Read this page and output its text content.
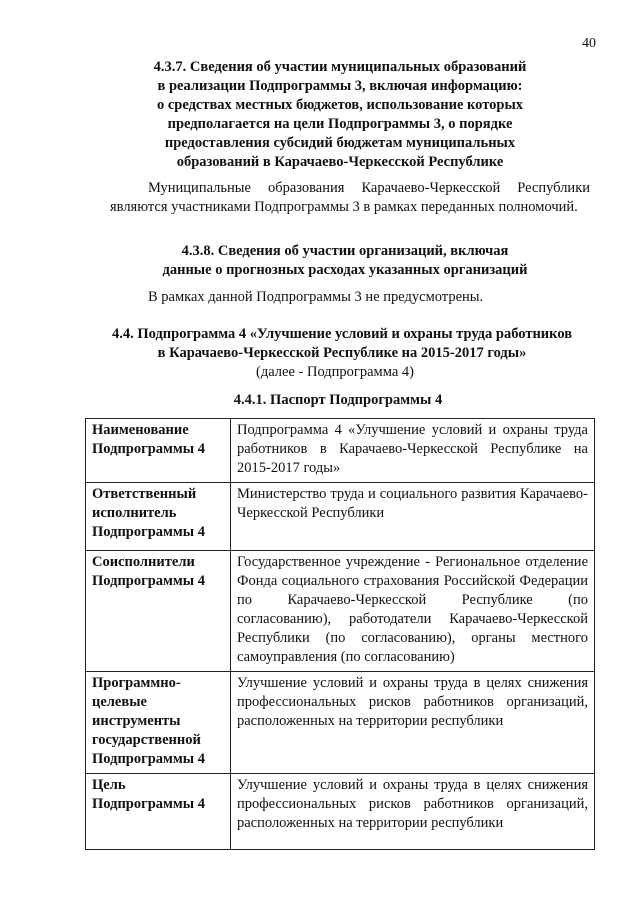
40
4.3.7. Сведения об участии муниципальных образований
в реализации Подпрограммы 3, включая информацию:
о средствах местных бюджетов, использование которых
предполагается на цели Подпрограммы 3, о порядке
предоставления субсидий бюджетам муниципальных
образований в Карачаево-Черкесской Республике
Муниципальные образования Карачаево-Черкесской Республики являются участниками Подпрограммы 3 в рамках переданных полномочий.
4.3.8. Сведения об участии организаций, включая
данные о прогнозных расходах указанных организаций
В рамках данной Подпрограммы 3 не предусмотрены.
4.4. Подпрограмма 4 «Улучшение условий и охраны труда работников
в Карачаево-Черкесской Республике на 2015-2017 годы»
(далее - Подпрограмма 4)
4.4.1. Паспорт Подпрограммы 4
Наименование Подпрограммы 4	Подпрограмма 4 «Улучшение условий и охраны труда работников в Карачаево-Черкесской Республике на 2015-2017 годы»
Ответственный исполнитель Подпрограммы 4	Министерство труда и социального развития Карачаево-Черкесской Республики
Соисполнители Подпрограммы 4	Государственное учреждение - Региональное отделение Фонда социального страхования Российской Федерации по Карачаево-Черкесской Республике (по согласованию), работодатели Карачаево-Черкесской Республики (по согласованию), органы местного самоуправления (по согласованию)
Программно-целевые инструменты государственной Подпрограммы 4	Улучшение условий и охраны труда в целях снижения профессиональных рисков работников организаций, расположенных на территории республики
Цель Подпрограммы 4	Улучшение условий и охраны труда в целях снижения профессиональных рисков работников организаций, расположенных на территории республики
